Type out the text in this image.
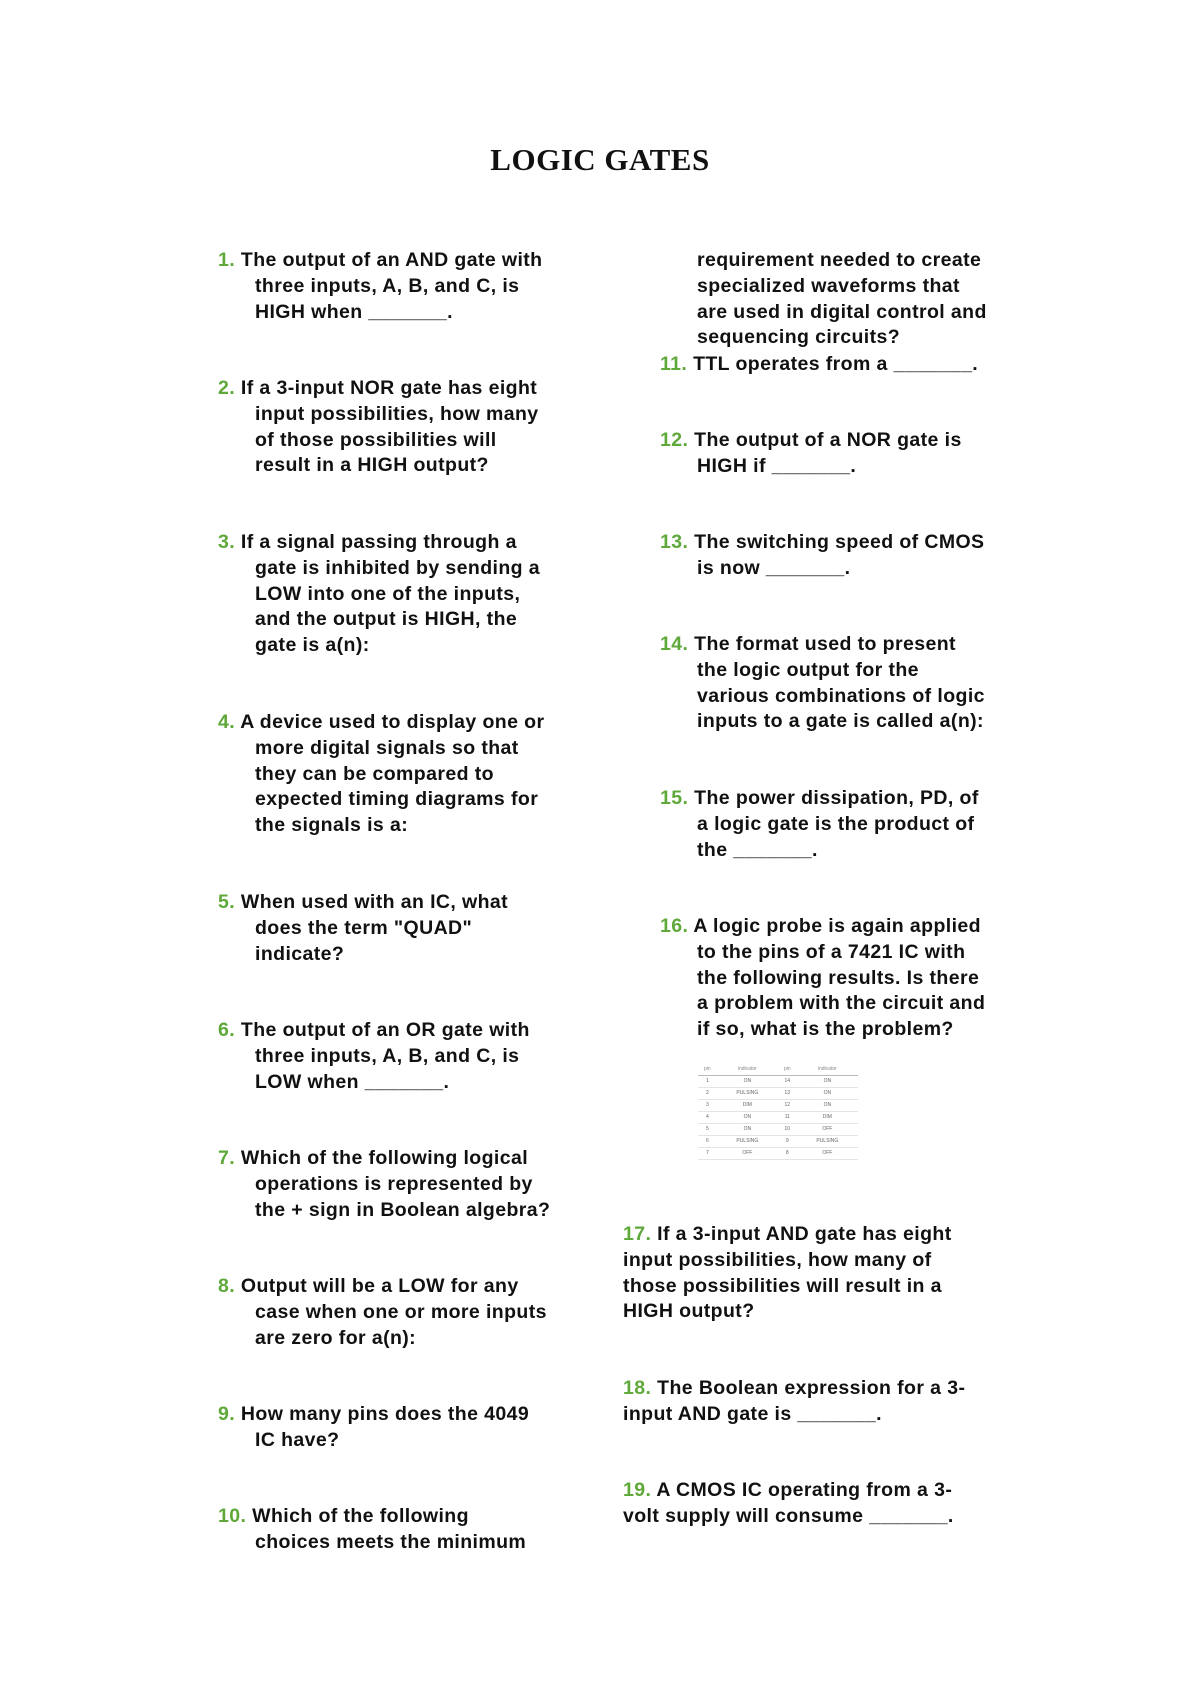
LOGIC GATES
1. The output of an AND gate with
three inputs, A, B, and C, is
HIGH when _______.
2. If a 3-input NOR gate has eight
input possibilities, how many
of those possibilities will
result in a HIGH output?
3. If a signal passing through a
gate is inhibited by sending a
LOW into one of the inputs,
and the output is HIGH, the
gate is a(n):
4. A device used to display one or
more digital signals so that
they can be compared to
expected timing diagrams for
the signals is a:
5. When used with an IC, what
does the term "QUAD"
indicate?
6. The output of an OR gate with
three inputs, A, B, and C, is
LOW when _______.
7. Which of the following logical
operations is represented by
the + sign in Boolean algebra?
8. Output will be a LOW for any
case when one or more inputs
are zero for a(n):
9. How many pins does the 4049
IC have?
10. Which of the following
choices meets the minimum
requirement needed to create
specialized waveforms that
are used in digital control and
sequencing circuits?
11. TTL operates from a _______.
12. The output of a NOR gate is
HIGH if _______.
13. The switching speed of CMOS
is now _______.
14. The format used to present
the logic output for the
various combinations of logic
inputs to a gate is called a(n):
15. The power dissipation, PD, of
a logic gate is the product of
the _______.
16. A logic probe is again applied
to the pins of a 7421 IC with
the following results. Is there
a problem with the circuit and
if so, what is the problem?
pin	indicator	pin	indicator
1	ON	14	ON
2	PULSING	13	ON
3	DIM	12	ON
4	ON	11	DIM
5	ON	10	OFF
6	PULSING	9	PULSING
7	OFF	8	OFF
17. If a 3-input AND gate has eight
input possibilities, how many of
those possibilities will result in a
HIGH output?
18. The Boolean expression for a 3-
input AND gate is _______.
19. A CMOS IC operating from a 3-
volt supply will consume _______.
